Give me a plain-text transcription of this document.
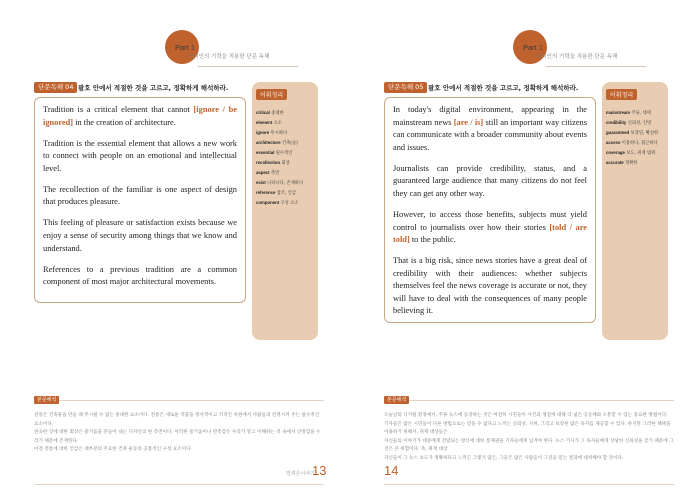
Part 1
어시인의 기력을 직용한 단문 독해
단문독해 04 괄호 안에서 적절한 것을 고르고, 정확하게 해석하라.
어휘정리
critical 중대한
element 요소
ignore 무시하다
architecture 건축(술)
essential 필수적인
recollection 회상
aspect 측면
exist 나타나다, 존재하다
reference 참조, 언급
component 구성 요소

Tradition is a critical element that cannot [ignore / be ignored] in the creation of architecture.

Tradition is the essential element that allows a new work to connect with people on an emotional and intellectual level.

The recollection of the familiar is one aspect of design that produces pleasure.

This feeling of pleasure or satisfaction exists because we enjoy a sense of security among things that we know and understand.

References to a previous tradition are a common component of most major architectural movements.

본문해석
전통은 건축물을 만들 때 무시될 수 없는 중대한 요소이다. 전통은 새로운 작품을 정서적이고 지적인 차원에서 사람들과 연결시켜 주는 필수적인 요소이다.
친숙한 것에 대한 회상은 즐거움을 만들어 내는 디자인의 한 측면이다. 이러한 즐거움이나 만족감은 우리가 알고 이해하는 것 속에서 안정감을 누리기 때문에 존재한다.
이전 전통에 대한 언급은 대부분의 주요한 건축 운동의 공통적인 구성 요소이다.
빌려온이야기
13
Part 1
어시인의 기력을 직용한 단문 독해
단문독해 05 괄호 안에서 적절한 것을 고르고, 정확하게 해석하라.
어휘정리
mainstream 주류, 대세
credibility 신뢰성, 신빙
guaranteed 보장된, 확실한
access 이용하다, 접근하다
coverage 보도, 취재 범위
accurate 정확한

In today's digital environment, appearing in the mainstream news [are / is] still an important way citizens can communicate with a broader community about events and issues.

Journalists can provide credibility, status, and a guaranteed large audience that many citizens do not feel they can get any other way.

However, to access those benefits, subjects must yield control to journalists over how their stories [told / are told] to the public.

That is a big risk, since news stories have a great deal of credibility with their audiences: whether subjects themselves feel the news coverage is accurate or not, they will have to deal with the consequences of many people believing it.

본문해석
오늘날의 디지털 환경에서, 주류 뉴스에 등장하는 것은 여전히 시민들이 사건과 쟁점에 대해 더 넓은 공동체와 소통할 수 있는 중요한 방법이다.
기자들은 많은 시민들이 다른 방법으로는 얻을 수 없다고 느끼는 신뢰성, 지위, 그리고 보장된 많은 독자를 제공할 수 있다. 하지만 그러한 혜택을 이용하기 위해서, 취재 대상들은
자신들의 이야기가 대중에게 전달되는 방식에 대한 통제권을 기자들에게 넘겨야 한다. 뉴스 기사가 그 독자들에게 상당한 신뢰성을 갖기 때문에 그것은 큰 위험이다. 즉, 취재 대상
자신들이 그 뉴스 보도가 정확하다고 느끼든 그렇지 않든, 그들은 많은 사람들이 그것을 믿는 결과에 대처해야 할 것이다.
14
